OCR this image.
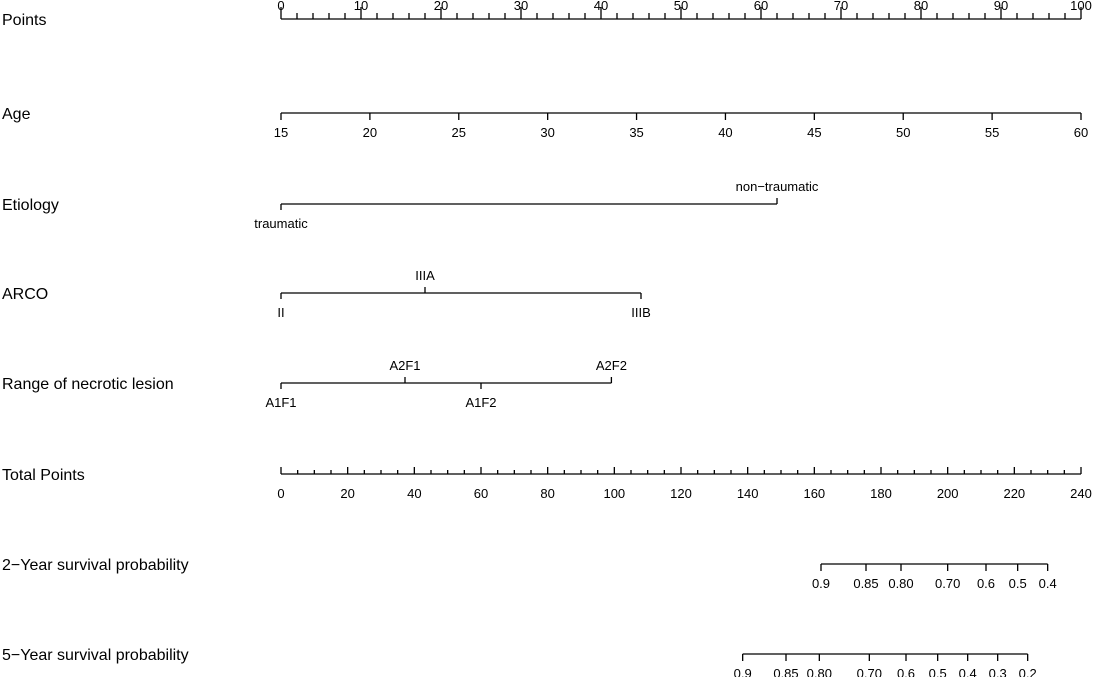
Points
0	10	20	30	40	50	60	70	80	90	100
Age
15	20	25	30	35	40	45	50	55	60
Etiology
traumatic
non−traumatic
ARCO
II
IIIA
IIIB
Range of necrotic lesion
A1F1
A2F1
A1F2
A2F2
Total Points
0	20	40	60	80	100	120	140	160	180	200	220	240
2−Year survival probability
0.9 0.85 0.80 0.70 0.6 0.5 0.4
5−Year survival probability
0.9 0.85 0.80 0.70 0.6 0.5 0.4 0.3 0.2
